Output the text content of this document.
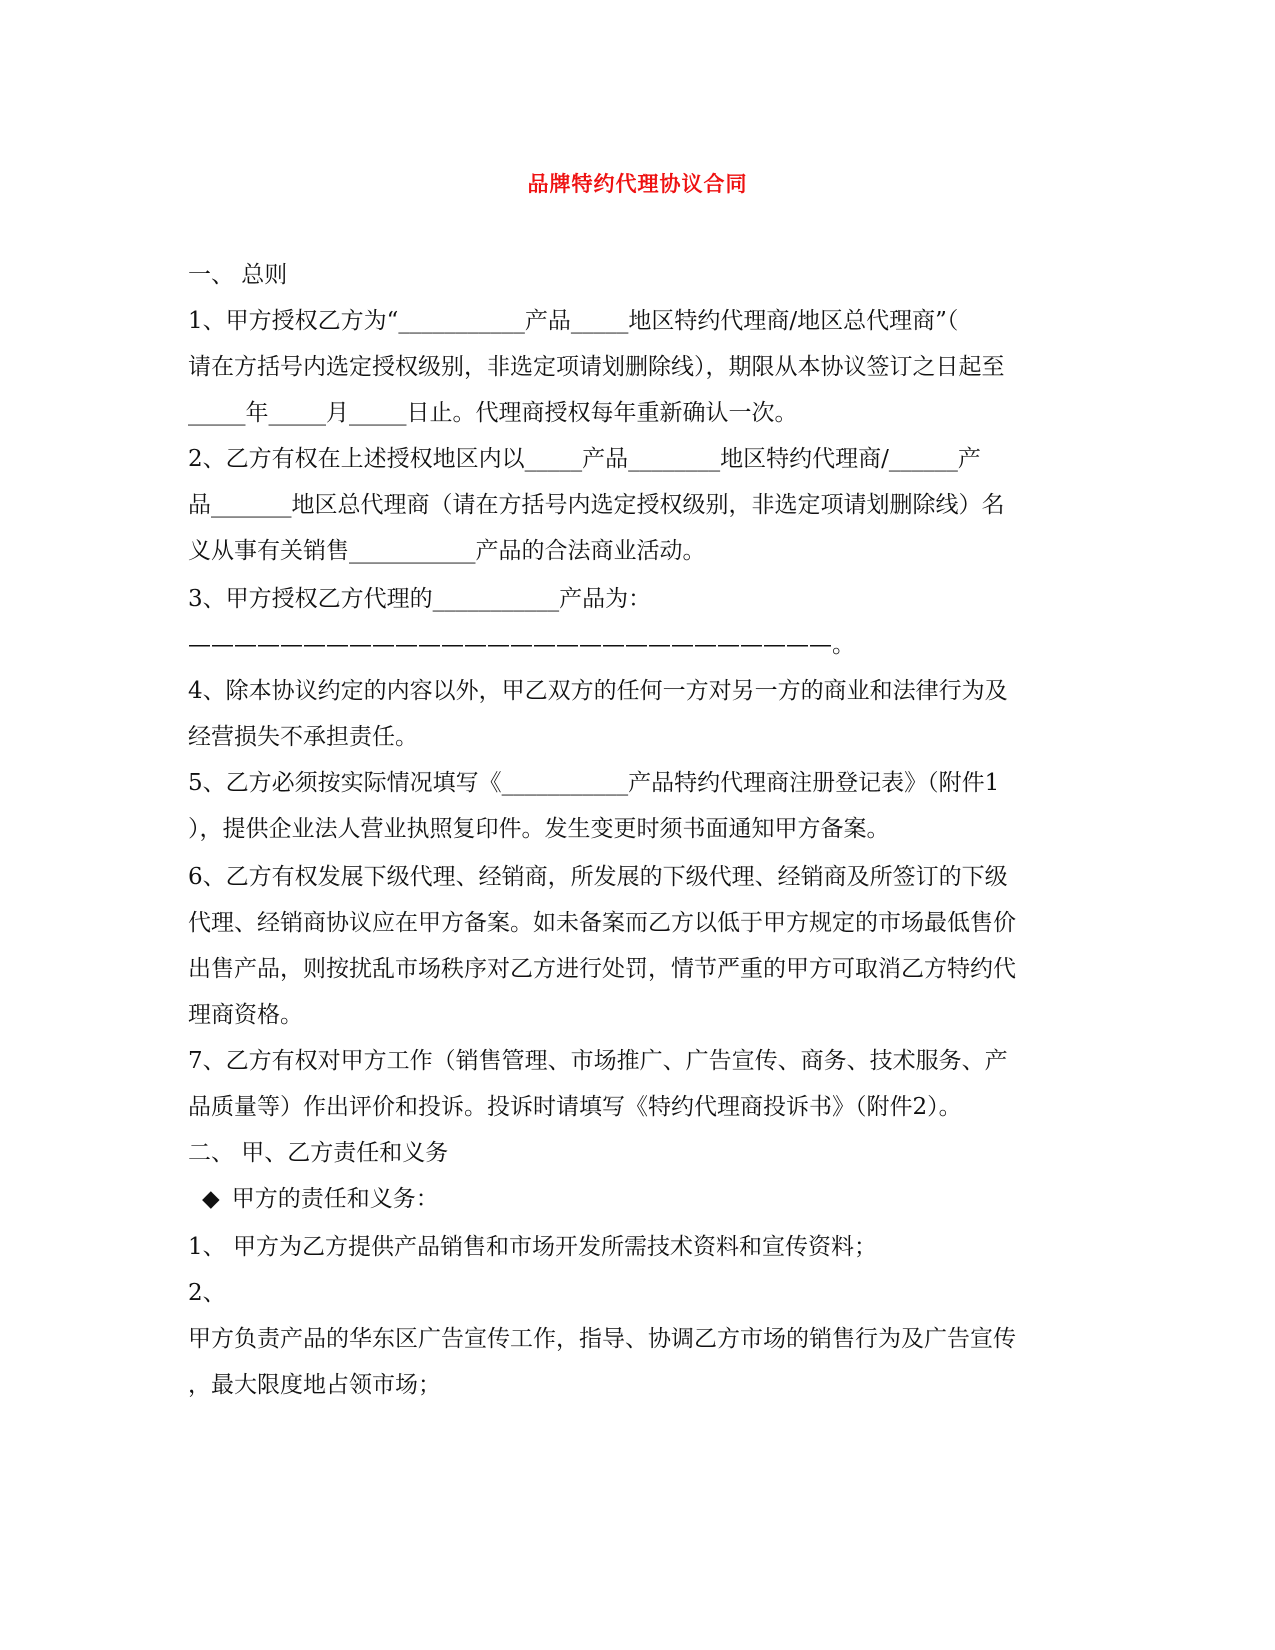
品牌特约代理协议合同
一、 总则
1、甲方授权乙方为“___________产品_____地区特约代理商/地区总代理商”（
请在方括号内选定授权级别，非选定项请划删除线），期限从本协议签订之日起至
_____年_____月_____日止。代理商授权每年重新确认一次。
2、乙方有权在上述授权地区内以_____产品________地区特约代理商/______产
品_______地区总代理商（请在方括号内选定授权级别，非选定项请划删除线）名
义从事有关销售___________产品的合法商业活动。
3、甲方授权乙方代理的___________产品为：
————————————————————————————。
4、除本协议约定的内容以外，甲乙双方的任何一方对另一方的商业和法律行为及
经营损失不承担责任。
5、乙方必须按实际情况填写《___________产品特约代理商注册登记表》（附件1
），提供企业法人营业执照复印件。发生变更时须书面通知甲方备案。
6、乙方有权发展下级代理、经销商，所发展的下级代理、经销商及所签订的下级
代理、经销商协议应在甲方备案。如未备案而乙方以低于甲方规定的市场最低售价
出售产品，则按扰乱市场秩序对乙方进行处罚，情节严重的甲方可取消乙方特约代
理商资格。
7、乙方有权对甲方工作（销售管理、市场推广、广告宣传、商务、技术服务、产
品质量等）作出评价和投诉。投诉时请填写《特约代理商投诉书》（附件2）。
二、 甲、乙方责任和义务
◆ 甲方的责任和义务：
1、 甲方为乙方提供产品销售和市场开发所需技术资料和宣传资料；
2、
甲方负责产品的华东区广告宣传工作，指导、协调乙方市场的销售行为及广告宣传
，最大限度地占领市场；
